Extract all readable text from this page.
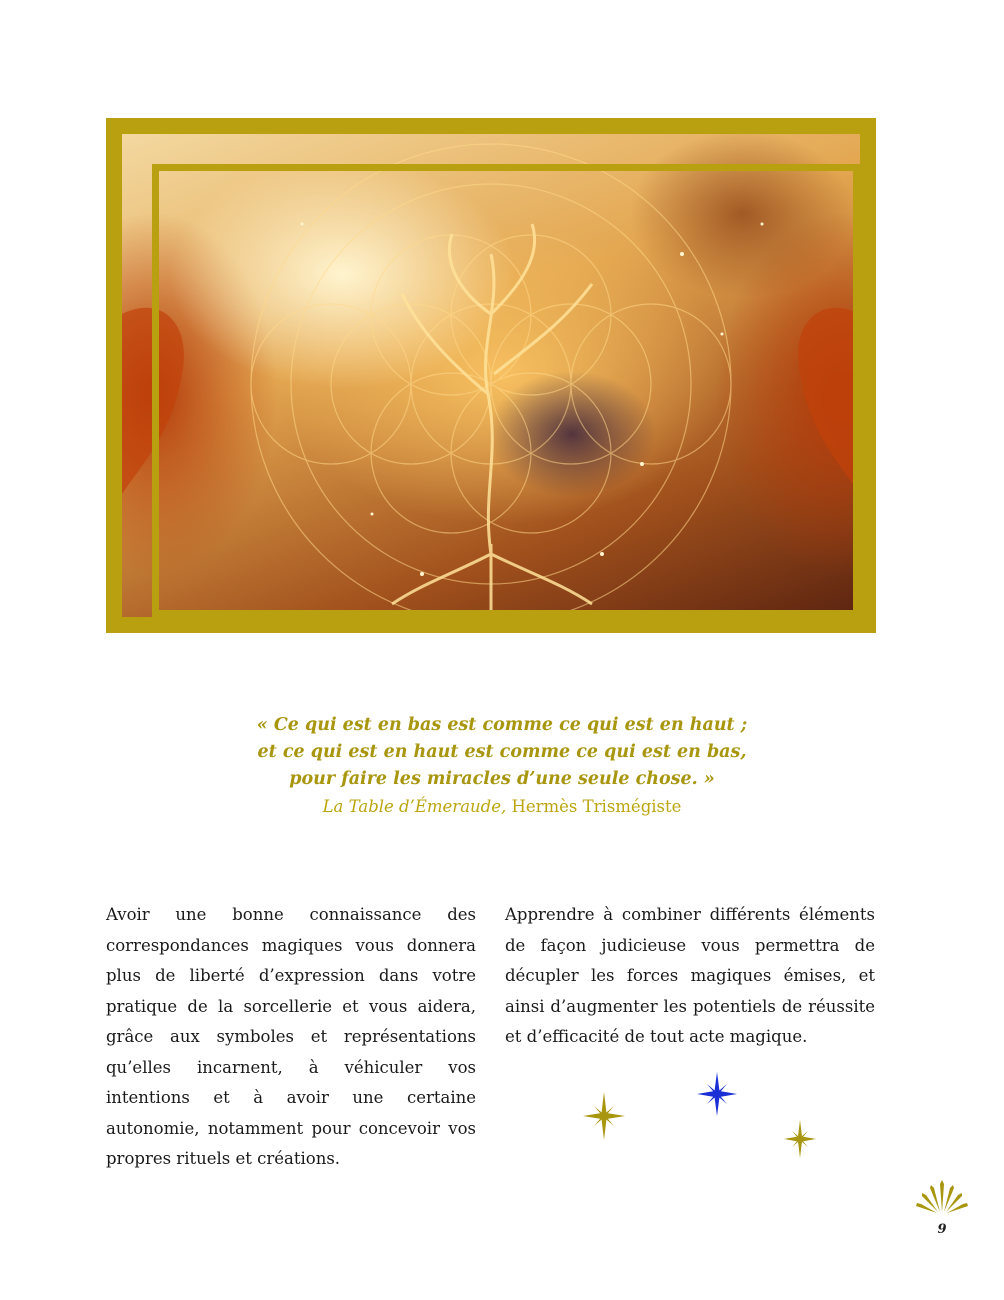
« Ce qui est en bas est comme ce qui est en haut ;
et ce qui est en haut est comme ce qui est en bas,
pour faire les miracles d’une seule chose. »
La Table d’Émeraude, Hermès Trismégiste

Avoir une bonne connaissance des correspondances magiques vous donnera plus de liberté d’expression dans votre pratique de la sorcellerie et vous aidera, grâce aux symboles et représentations qu’elles incarnent, à véhiculer vos intentions et à avoir une certaine autonomie, notamment pour concevoir vos propres rituels et créations.

Apprendre à combiner différents éléments de façon judicieuse vous permettra de décupler les forces magiques émises, et ainsi d’augmenter les potentiels de réussite et d’efficacité de tout acte magique.

9
